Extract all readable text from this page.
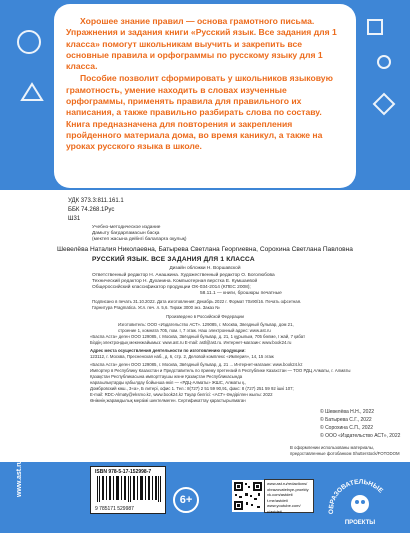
Хорошее знание правил — основа грамотного письма. Упражнения и задания книги «Русский язык. Все задания для 1 класса» помогут школьникам выучить и закрепить все основные правила и орфограммы по русскому языку для 1 класса.

Пособие позволит сформировать у школьников языковую грамотность, умение находить в словах изученные орфограммы, применять правила для правильного их написания, а также правильно разбирать слова по составу. Книга предназначена для повторения и закрепления пройденного материала дома, во время каникул, а также на уроках русского языка в школе.

УДК 373.3:811.161.1
ББК 74.268.1Рус
Ш31
Учебно-методическое издание
Дамыту бағдарламасын басқа
(мектеп жасына дейінгі балаларға оқулық)
Шевелёва Наталия Николаевна, Батырева Светлана Георгиевна, Сорохина Светлана Павловна
РУССКИЙ ЯЗЫК. ВСЕ ЗАДАНИЯ ДЛЯ 1 КЛАССА
Дизайн обложки Н. Воршавской
Ответственный редактор Н. Анашкина. Художественный редактор О. Боголюбова
Технический редактор Н. Духанина. Компьютерная верстка Е. Кумшаевой
Общероссийский классификатор продукции ОК-034-2014 (КПЕС 2008);
58.11.1 — книги, брошюры печатные
Подписано в печать 31.10.2022. Дата изготовления: Декабрь 2022 г. Формат 70x90/16. Печать офсетная.
Гарнитура Pragmatica. Усл. печ. л. 5,6. Тираж 3000 экз. Заказ №
Произведено в Российской Федерации
Изготовитель: ООО «Издательство АСТ». 129085, г. Москва, Звездный бульвар, дом 21,
строение 1, комната 705, пом. I, 7 этаж. Наш электронный адрес: www.ast.ru
«Баспа Аста» деген ООО 129085, г. Москва, Звёздный бульвар, д. 21, 1 құрылым, 705 бөлме, I жай, 7 қабат
Біздің электрондық мекенжайымыз: www.ast.ru E-mail: astl@ast.ru. Интернет-магазин: www.book24.ru
Адрес места осуществления деятельности по изготовлению продукции:
123112, г. Москва, Пресненская наб., д. 6, стр. 2, Деловой комплекс «Империя», 14, 15 этаж
«Баспа Аста» деген ООО 129085, г. Москва, Звёздный бульвар, д. 21 ... Интернет-магазин: www.book24.kz
Импортер в Республику Казахстан и Представитель по приему претензий в Республике Казахстан — ТОО РДЦ Алматы, г. Алматы
Қазақстан Республикасына импорттаушы және Қазақстан Республикасында
наразылықтарды қабылдау бойынша өкіл — «РДЦ-Алматы» ЖШС, Алматы қ.,
Домбровский көш., 3«а», Б литері, офис 1. Тел.: 8(727) 2 51 59 90,91, факс: 8 (727) 251 59 92 ішкі 107;
E-mail: RDC-Almaty@eksmo.kz, www.book24.kz Тауар белгісі: «АСТ» Өндірілген жылы: 2022
Өнімнің жарамдылық мерзімі шектелмеген. Сертификаттау қарастырылмаган
© Шевелёва Н.Н., 2022
© Батырева С.Г., 2022
© Сорохина С.П., 2022
© ООО «Издательство АСТ», 2022
В оформлении использованы материалы,
предоставленные фотобанком Shutterstock/FOTODOM
www.ast.ru	ISBN 978-5-17-152998-7
9 785171 529987
6+
www.ast.ru/redactions/
obrazovatelnye-proekty
vk.com/astdeti
t.me/astdeti
www.youtube.com/
c/astdeti	ОБРАЗОВАТЕЛЬНЫЕ
ПРОЕКТЫ
